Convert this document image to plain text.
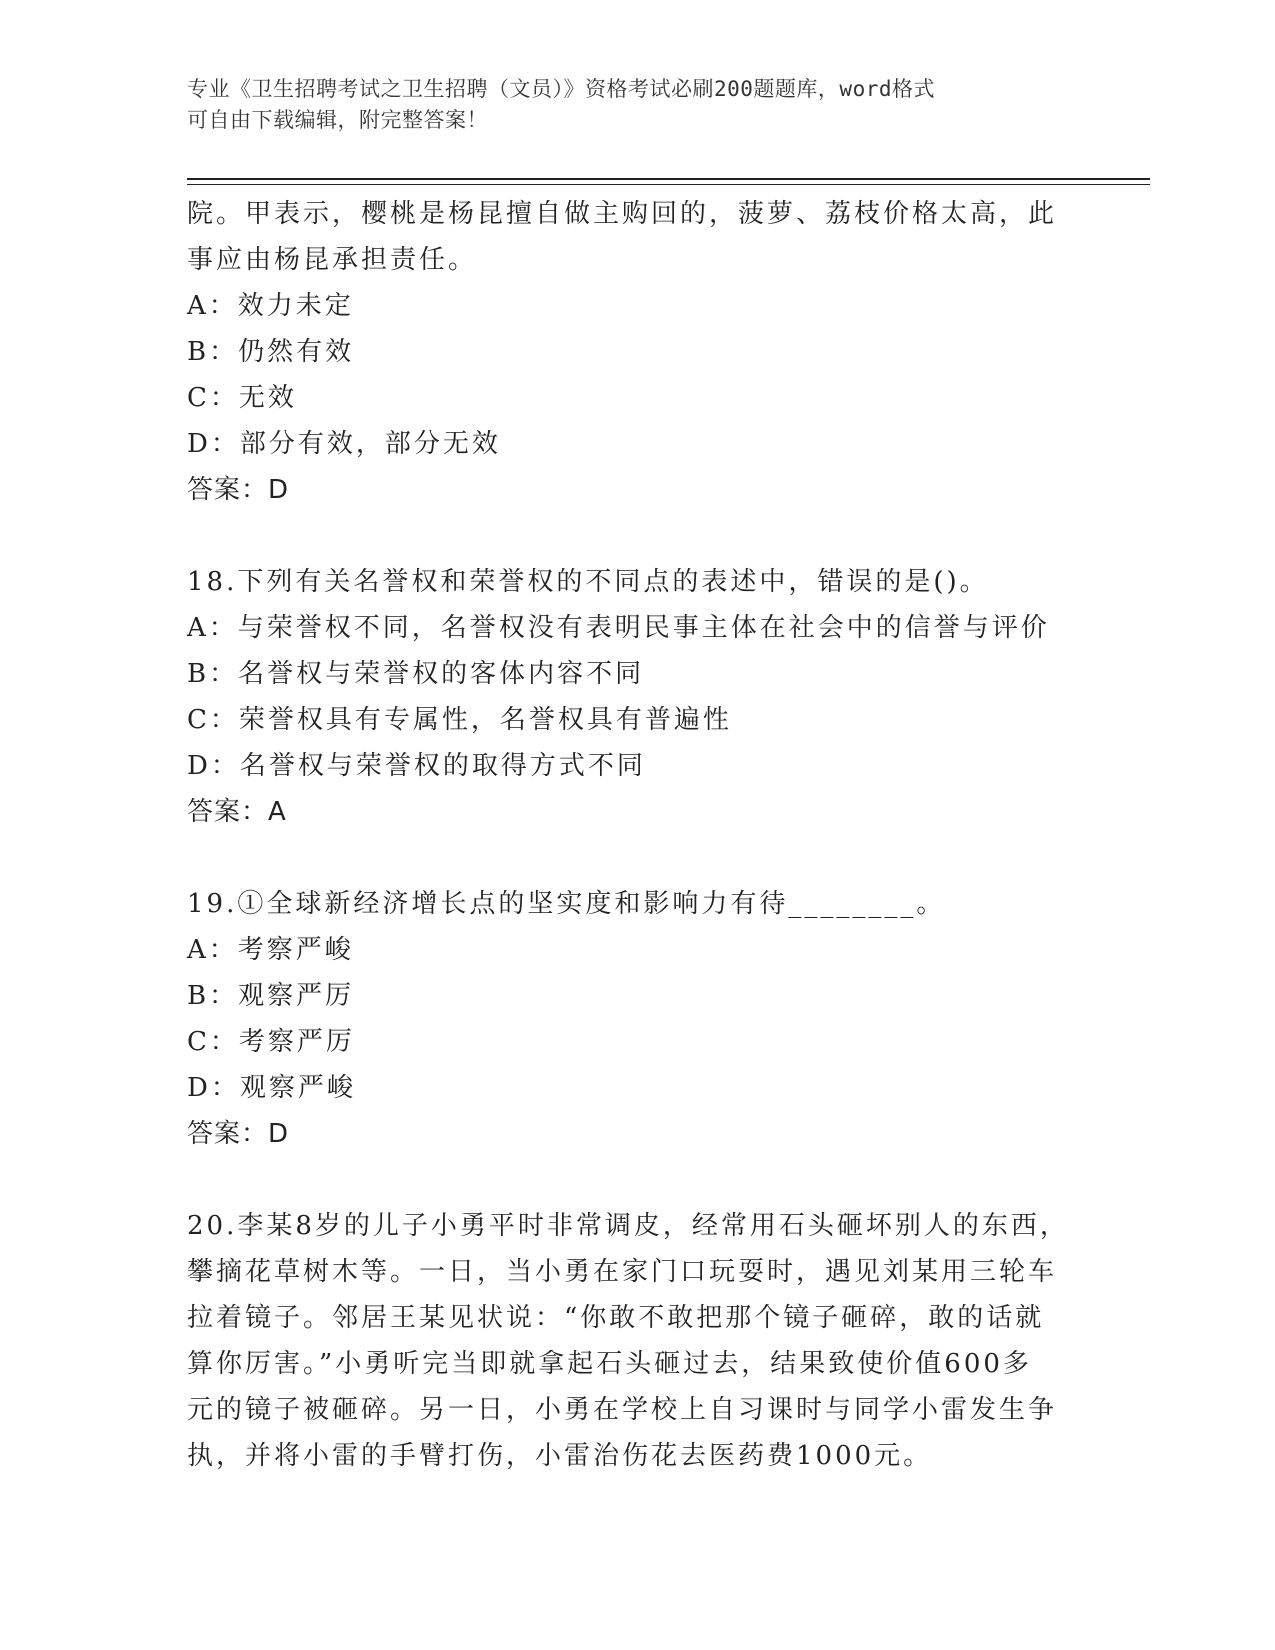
专业《卫生招聘考试之卫生招聘（文员）》资格考试必刷200题题库，word格式
可自由下载编辑，附完整答案！
院。甲表示，樱桃是杨昆擅自做主购回的，菠萝、荔枝价格太高，此
事应由杨昆承担责任。
A：效力未定
B：仍然有效
C：无效
D：部分有效，部分无效
答案：D
18.下列有关名誉权和荣誉权的不同点的表述中，错误的是()。
A：与荣誉权不同，名誉权没有表明民事主体在社会中的信誉与评价
B：名誉权与荣誉权的客体内容不同
C：荣誉权具有专属性，名誉权具有普遍性
D：名誉权与荣誉权的取得方式不同
答案：A
19.①全球新经济增长点的坚实度和影响力有待________。
A：考察严峻
B：观察严厉
C：考察严厉
D：观察严峻
答案：D
20.李某8岁的儿子小勇平时非常调皮，经常用石头砸坏别人的东西，
攀摘花草树木等。一日，当小勇在家门口玩耍时，遇见刘某用三轮车
拉着镜子。邻居王某见状说：“你敢不敢把那个镜子砸碎，敢的话就
算你厉害。”小勇听完当即就拿起石头砸过去，结果致使价值600多
元的镜子被砸碎。另一日，小勇在学校上自习课时与同学小雷发生争
执，并将小雷的手臂打伤，小雷治伤花去医药费1000元。
